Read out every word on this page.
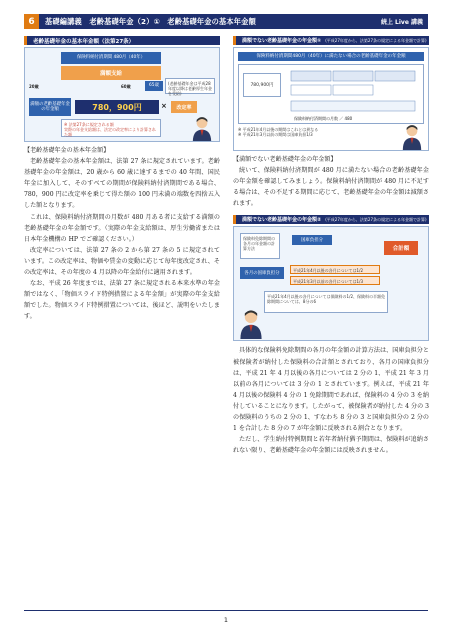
6	基礎編講義　老齢基礎年金（2）①　老齢基礎年金の基本年金額	続上 Live 講義
老齢基礎年金の基本年金額（法第27条）
保険料納付済期間 480月（40年）
満額支給
20歳	60歳	65歳	(老齢基礎年金は平成28年度以降は老齢厚生年金を受給)
満額の老齢基礎年金の年金額	780，900円	×	改定率
※ 法第27条に規定される額
実際の年金支給額は、法定の改定率により計算された額

【老齢基礎年金の基本年金額】

老齢基礎年金の基本年金額は、法第 27 条に規定されています。老齢基礎年金の年金額は、20 歳から 60 歳に達するまでの 40 年間、国民年金に加入して、そのすべての期間が保険料納付済期間である場合、780，900 円に改定率を乗じて得た額の 100 円未満の端数を四捨五入した額となります。

これは、保険料納付済期間の月数が 480 月ある者に支給する満額の老齢基礎年金の年金額です。（実際の年金支給額は、厚生労働省または日本年金機構の HP でご確認ください。）

改定率については、法第 27 条の 2 から第 27 条の 5 に規定されています。この改定率は、物価や賃金の変動に応じて毎年度改定され、その改定率は、その年度の 4 月以降の年金給付に適用されます。

なお、平成 26 年度までは、法第 27 条に規定される本来水準の年金額ではなく、「物価スライド特例措置による年金額」が実際の年金支給額でした。物価スライド特例措置については、後ほど、説明をいたします。

満額でない老齢基礎年金の年金額① (平成27年度から、法第27条の規定による年金額で計算)
保険料納付済期間480月（40年）に満たない場合の老齢基礎年金の年金額
780,900円
※ 平成21年4月以後の期間はこれとは異なる
※ 平成21年3月以前の期間は国庫負担1/3
保険料納付済期間の月数 ／ 480

【満額でない老齢基礎年金の年金額】

続いて、保険料納付済期間が 480 月に満たない場合の老齢基礎年金の年金額を確認してみましょう。保険料納付済期間が 480 月に不足する場合は、その不足する期間に応じて、老齢基礎年金の年金額は減額されます。

満額でない老齢基礎年金の年金額② (平成27年度から、法第27条の規定による年金額で計算)
保険料免除期間の各月の年金額の計算方法
国庫負担分
合計額
各月の国庫負担分	平成21年4月以後の各月については1/2
平成21年3月以前の各月については1/3
平成21年4月以後の各月については保険料の1/2、保険料の半額免除期間については、8分の6

具体的な保険料免除期間の各月の年金額の計算方法は、国庫負担分と被保険者が納付した保険料の合計額とされており、各月の国庫負担分は、平成 21 年 4 月以後の各月については 2 分の 1、平成 21 年 3 月以前の各月については 3 分の 1 とされています。例えば、平成 21 年 4 月以後の保険料 4 分の 1 免除期間であれば、保険料の 4 分の 3 を納付していることになります。したがって、被保険者が納付した 4 分の 3 の保険料のうちの 2 分の 1、すなわち 8 分の 3 と国庫負担分の 2 分の 1 を合計した 8 分の 7 が年金額に反映される割合となります。

ただし、学生納付特例期間と若年者納付猶予期間は、保険料が追納されない限り、老齢基礎年金の年金額には反映されません。

1
